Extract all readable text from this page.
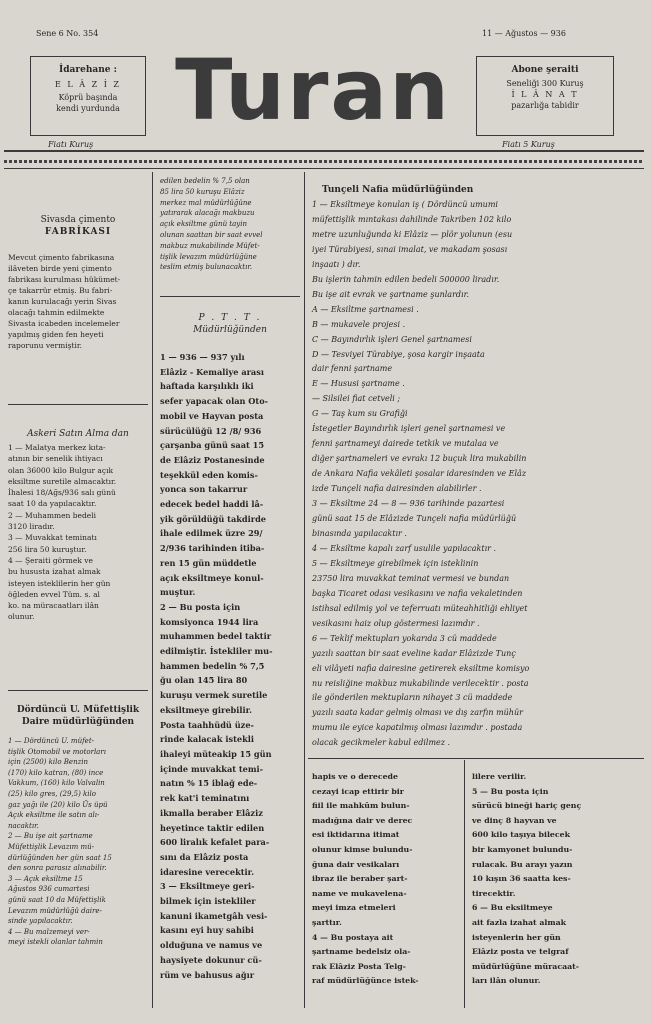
Sene 6 No. 354	11 — Ağustos — 936
İdarehane :
E L Â Z İ Z
Köprü başında
kendi yurdunda
Fiatı Kuruş
Turan	Abone şeraiti
Seneliği 300 Kuruş
İ L Â N A T
pazarlığa tabidir
Fiatı 5 Kuruş
Sivasda çimento
FABRİKASI
Mevcut çimento fabrikasına
ilâveten birde yeni çimento
fabrikası kurulması hükümet-
çe takarrür etmiş. Bu fabri-
kanın kurulacağı yerin Sivas
olacağı tahmin edilmekte
Sivasta icabeden incelemeler
yapılmış giden fen heyeti
raporunu vermiştir.
Askeri Satın Alma dan
1 — Malatya merkez kıta-
atının bir senelik ihtiyacı
olan 36000 kilo Bulgur açık
eksiltme suretile almacaktır.
İhalesi 18/Ağs/936 salı günü
saat 10 da yapılacaktır.
2 — Muhammen bedeli
3120 liradır.
3 — Muvakkat teminatı
256 lira 50 kuruştur.
4 — Şeraiti görmek ve
bu hususta izahat almak
isteyen isteklilerin her gün
öğleden evvel Tüm. s. al
ko. na müracaatları ilân
olunur.
Dördüncü U. Müfettişlik
Daire müdürlüğünden
1 — Dördüncü U. müfet-
tişlik Otomobil ve motorları
için (2500) kilo Benzin
(170) kilo katran, (80) ince
Vakkum, (160) kilo Valvalin
(25) kilo gres, (29,5) kilo
gaz yağı ile (20) kilo Üs üpü
Açık eksiltme ile satın alı-
nacaktır.
2 — Bu işe ait şartname
Müfettişlik Levazım mü-
dürlüğünden her gün saat 15
den sonra parasız alınabilir.
3 — Açık eksiltme 15
Ağustos 936 cumartesi
günü saat 10 da Müfettişlik
Levazım müdürlüğü daire-
sinde yapılacaktır.
4 — Bu malzemeyi ver-
meyi istekli olanlar tahmin
edilen bedelin % 7,5 olan
85 lira 50 kuruşu Elâziz
merkez mal müdürlüğüne
yatırarak alacağı makbuzu
açık eksiltme günü tayin
olunan saattan bir saat evvel
makbuz mukabilinde Müfet-
tişlik levazım müdürlüğüne
teslim etmiş bulunacaktır.
P . T . T .
Müdürlüğünden
1 — 936 — 937 yılı
Elâziz - Kemaliye arası
haftada karşılıklı iki
sefer yapacak olan Oto-
mobil ve Hayvan posta
sürücülüğü 12 /8/ 936
çarşanba günü saat 15
de Elâziz Postanesinde
teşekkül eden komis-
yonca son takarrur
edecek bedel haddi lâ-
yik görüldüğü takdirde
ihale edilmek üzre 29/
2/936 tarihinden itiba-
ren 15 gün müddetle
açık eksiltmeye konul-
muştur.
2 — Bu posta için
komsiyonca 1944 lira
muhammen bedel taktir
edilmiştir. İstekliler mu-
hammen bedelin % 7,5
ğu olan 145 lira 80
kuruşu vermek suretile
eksiltmeye girebilir.
Posta taahhüdü üze-
rinde kalacak istekli
ihaleyi müteakip 15 gün
içinde muvakkat temi-
natın % 15 iblağ ede-
rek kat'i teminatını
ikmalla beraber Elâziz
heyetince taktir edilen
600 liralık kefalet para-
sını da Elâziz posta
idaresine verecektir.
3 — Eksiltmeye geri-
bilmek için istekliler
kanuni ikametgâh vesi-
kasını eyi huy sahibi
olduğuna ve namus ve
haysiyete dokunur cü-
rüm ve bahusus ağır
Tunçeli Nafia müdürlüğünden
1 — Eksiltmeye konulan iş ( Dördüncü umumi
müfettişlik mıntakası dahilinde Takriben 102 kilo
metre uzunluğunda ki Elâziz — plör yolunun (esu
iyei Türabiyesi, sınai imalat, ve makadam şosası
inşaatı ) dır.
Bu işlerin tahmin edilen bedeli 500000 liradır.
Bu işe ait evrak ve şartname şunlardır.
A — Eksiltme şartnamesi .
B — mukavele projesi .
C — Bayındırlık işleri Genel şartnamesi
D — Tesviyei Türabiye, şosa kargir inşaata
dair fenni şartname
E — Hususi şartname .
— Silsilei fiat cetveli ;
G — Taş kum su Grafiği
İstegetler Bayındırlık işleri genel şartnamesi ve
fenni şartnameyi dairede tetkik ve mutalaa ve
diğer şartnameleri ve evrakı 12 buçuk lira mukabilin
de Ankara Nafia vekâleti şosalar idaresinden ve Elâz
izde Tunçeli nafia dairesinden alabilirler .
3 — Eksiltme 24 — 8 — 936 tarihinde pazartesi
günü saat 15 de Elâzizde Tunçeli nafia müdürlüğü
binasında yapılacaktır .
4 — Eksiltme kapalı zarf usulile yapılacaktır .
5 — Eksiltmeye girebilmek için isteklinin
23750 lira muvakkat teminat vermesi ve bundan
başka Ticaret odası vesikasını ve nafia vekaletinden
istihsal edilmiş yol ve teferruatı müteahhitliği ehliyet
vesikasını haiz olup göstermesi lazımdır .
6 — Teklif mektupları yokarıda 3 cü maddede
yazılı saattan bir saat eveline kadar Elâzizde Tunç
eli vilâyeti nafia dairesine getirerek eksiltme komisyo
nu reisliğine makbuz mukabilinde verilecektir . posta
ile gönderilen mektupların nihayet 3 cü maddede
yazılı saata kadar gelmiş olması ve dış zarfın mühür
mumu ile eyice kapatılmış olması lazımdır . postada
olacak gecikmeler kabul edilmez .
hapis ve o derecede
cezayi icap ettirir bir
fiil ile mahkûm bulun-
madığına dair ve derec
esi iktidarına itimat
olunur kimse bulundu-
ğuna dair vesikaları
ibraz ile beraber şart-
name ve mukavelena-
meyi imza etmeleri
şarttır.
4 — Bu postaya ait
şartname bedelsiz ola-
rak Elâziz Posta Telg-
raf müdürlüğünce istek-
lilere verilir.
5 — Bu posta için
sürücü bineği hariç genç
ve dinç 8 hayvan ve
600 kilo taşıya bilecek
bir kamyonet bulundu-
rulacak. Bu arayı yazın
10 kışın 36 saatta kes-
tirecektir.
6 — Bu eksiltmeye
ait fazla izahat almak
isteyenlerin her gün
Elâziz posta ve telgraf
müdürlüğüne müracaat-
ları ilân olunur.
